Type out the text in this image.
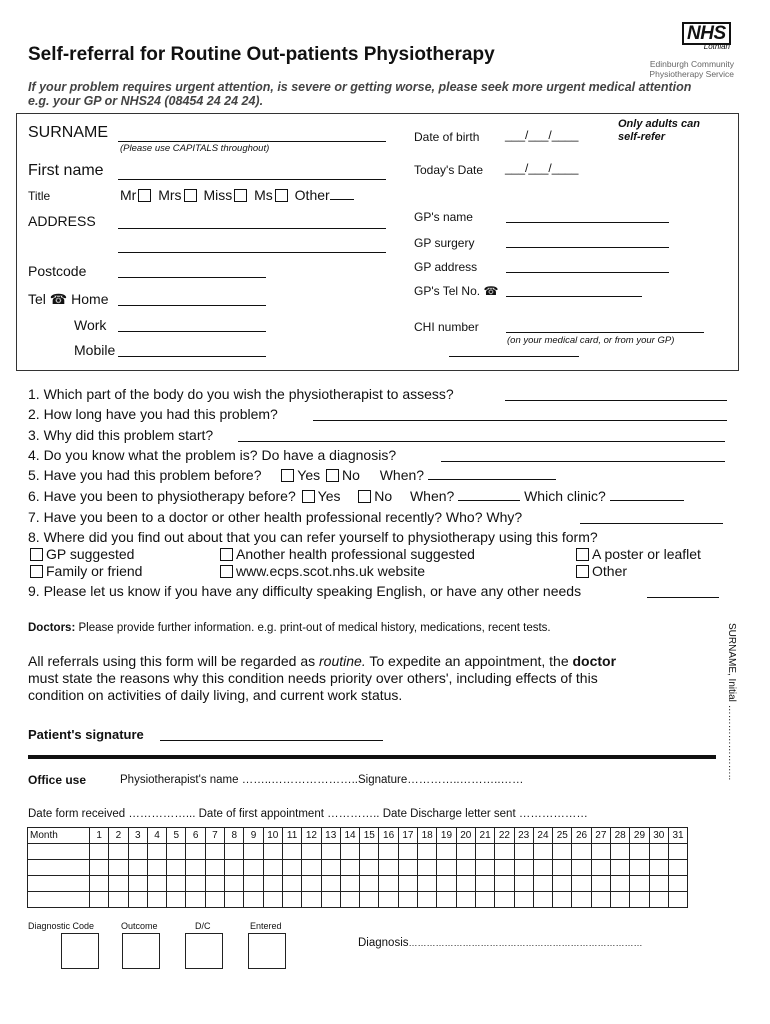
Self-referral for Routine Out-patients Physiotherapy
NHS
Lothian
Edinburgh Community
Physiotherapy Service
If your problem requires urgent attention, is severe or getting worse, please seek more urgent medical attention
e.g. your GP or NHS24 (08454 24 24 24).
SURNAME
(Please use CAPITALS throughout)
First name
Title	Mr Mrs Miss Ms Other
ADDRESS
Postcode
Tel ☎ Home
Work
Mobile
Date of birth ___/___/____
Only adults can
self-refer
Today's Date ___/___/____
GP's name
GP surgery
GP address
GP's Tel No. ☎
CHI number
(on your medical card, or from your GP)
1. Which part of the body do you wish the physiotherapist to assess?
2. How long have you had this problem?
3. Why did this problem start?
4. Do you know what the problem is? Do have a diagnosis?
5. Have you had this problem before?	Yes No When?
6. Have you been to physiotherapy before? Yes No When?	Which clinic?
7. Have you been to a doctor or other health professional recently? Who? Why?
8. Where did you find out about that you can refer yourself to physiotherapy using this form?
GP suggested	Another health professional suggested	A poster or leaflet
Family or friend	www.ecps.scot.nhs.uk website	Other
9. Please let us know if you have any difficulty speaking English, or have any other needs
Doctors: Please provide further information. e.g. print-out of medical history, medications, recent tests.
All referrals using this form will be regarded as routine. To expedite an appointment, the doctor
must state the reasons why this condition needs priority over others', including effects of this
condition on activities of daily living, and current work status.
Patient's signature
Office use	Physiotherapist's name ……..…………………..Signature…………..………..……
Date form received ……………... Date of first appointment ………….. Date Discharge letter sent ………………
Month	1	2	3	4	5	6	7	8	9	10	11	12	13	14	15	16	17	18	19	20	21	22	23	24	25	26	27	28	29	30	31

Diagnostic Code	Outcome	D/C	Entered
Diagnosis……………………………………………………………………
SURNAME, Initial …………………..
